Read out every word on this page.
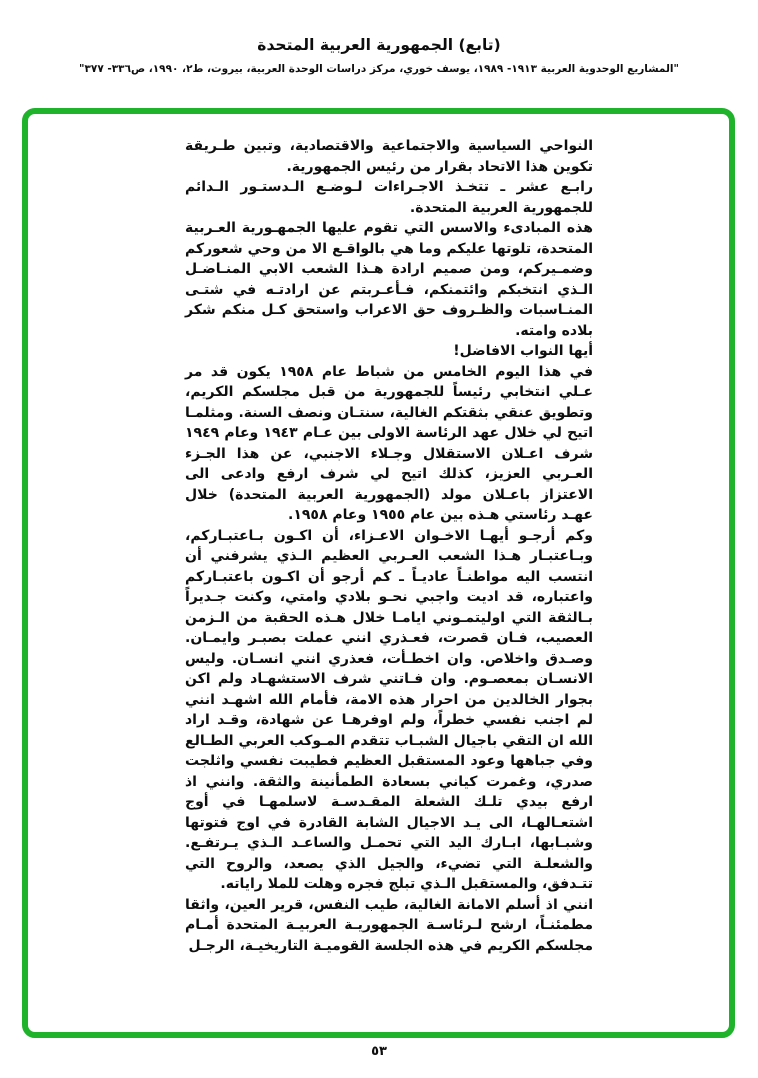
(تابع) الجمهورية العربية المتحدة

"المشاريع الوحدوية العربية ١٩١٣- ١٩٨٩، يوسف خوري، مركز دراسات الوحدة العربية، بيروت، ط٢، ١٩٩٠، ص٣٣٦- ٣٧٧"

النواحي السياسية والاجتماعية والاقتصادية، وتبين طـريقة تكوين هذا الاتحاد بقرار من رئيس الجمهورية.

رابـع عشر ـ تتخـذ الاجـراءات لـوضـع الـدستـور الـدائم للجمهورية العربية المتحدة.

هذه المبادىء والاسس التي تقوم عليها الجمهـورية العـربية المتحدة، تلوتها عليكم وما هي بالواقـع الا من وحي شعوركم وضمـيركم، ومن صميم ارادة هـذا الشعب الابي المنـاضـل الـذي انتخبكم وائتمنكم، فـأعـربتم عن ارادتـه في شتـى المنـاسبات والظـروف حق الاعراب واستحق كـل منكم شكر بلاده وامته.

أيها النواب الافاضل!

في هذا اليوم الخامس من شباط عام ١٩٥٨ يكون قد مر عـلي انتخابي رئيساً للجمهورية من قبل مجلسكم الكريم، وتطويق عنقي بثقتكم الغالية، سنتـان ونصف السنة. ومثلمـا اتيح لي خلال عهد الرئاسة الاولى بين عـام ١٩٤٣ وعام ١٩٤٩ شرف اعـلان الاستقلال وجـلاء الاجنبي، عن هذا الجـزء العـربي العزيز، كذلك اتيح لي شرف ارفع وادعى الى الاعتزاز باعـلان مولد (الجمهورية العربية المتحدة) خلال عهـد رئاستي هـذه بين عام ١٩٥٥ وعام ١٩٥٨.

وكم أرجـو أيهـا الاخـوان الاعـزاء، أن اكـون بـاعتبـاركم، وبـاعتبـار هـذا الشعب العـربي العظيم الـذي يشرفني أن انتسب اليه مواطنـاً عاديـاً ـ كم أرجو أن اكـون باعتبـاركم واعتباره، قد اديت واجبي نحـو بلادي وامتي، وكنت جـديراً بـالثقة التي اوليتمـوني ايامـا خلال هـذه الحقبة من الـزمن العصيب، فـان قصرت، فعـذري انني عملت بصبـر وايمـان. وصـدق واخلاص. وان اخطـأت، فعذري انني انسـان. وليس الانسـان بمعصـوم. وان فـاتني شرف الاستشهـاد ولم اكن بجوار الخالدين من احرار هذه الامة، فأمام الله اشهـد انني لم اجنب نفسي خطراً، ولم اوفرهـا عن شهادة، وقـد اراد الله ان التقي باجيال الشبـاب تتقدم المـوكب العربي الطـالع وفي جباهها وعود المستقبل العظيم فطيبت نفسي واثلجت صدري، وغمرت كياني بسعادة الطمأنينة والثقة. وانني اذ ارفع بيدي تلـك الشعلة المقـدسـة لاسلمهـا في أوج اشتعـالهـا، الى يـد الاجيال الشابة القادرة في اوج فتوتها وشبـابها، ابـارك اليد التي تحمـل والساعـد الـذي يـرتفـع. والشعلـة التي تضيء، والجيل الذي يصعد، والروح التي تتـدفق، والمستقبل الـذي تبلج فجره وهلت للملا راياته.

انني اذ أسلم الامانة الغالية، طيب النفس، قرير العين، واثقا مطمئنـاً، ارشح لـرئاسـة الجمهوريـة العربيـة المتحدة أمـام مجلسكم الكريم في هذه الجلسة القوميـة التاريخيـة، الرجـل

٥٣
